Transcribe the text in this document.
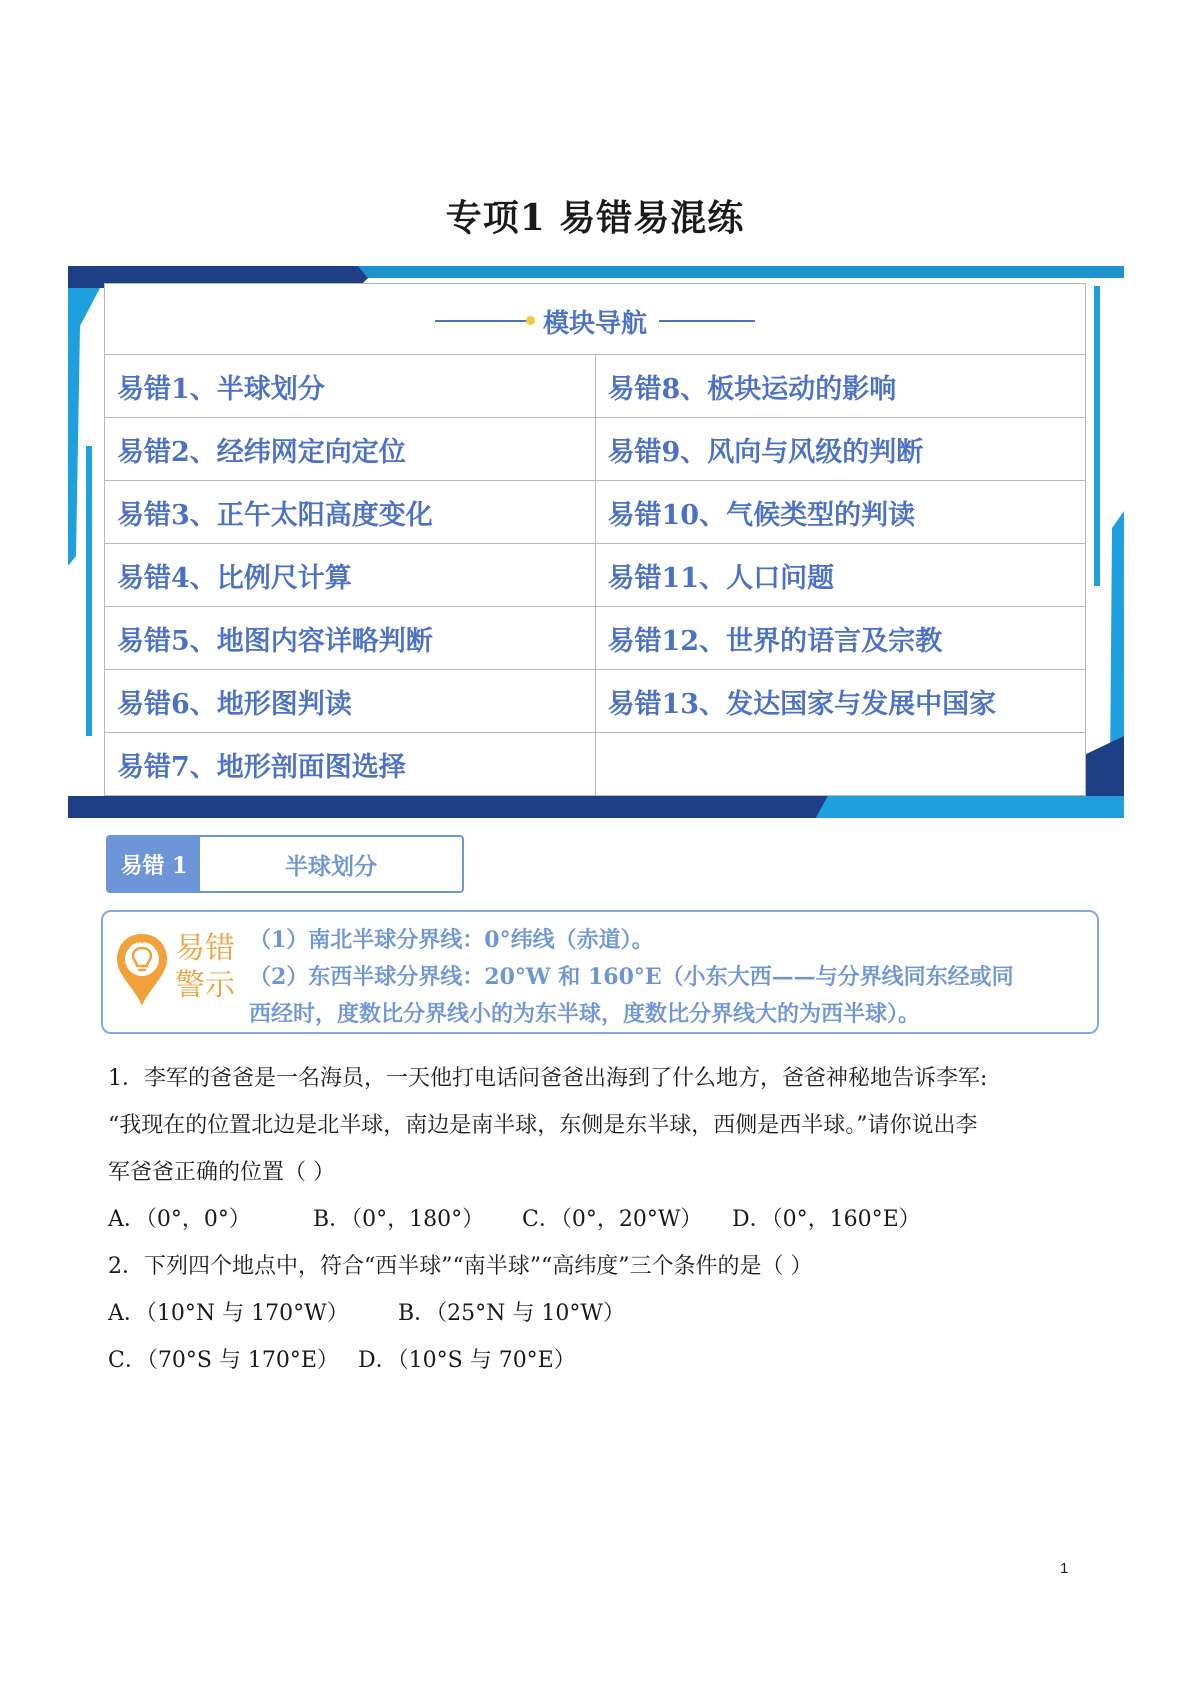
专项1 易错易混练
模块导航	

易错1、半球划分	易错8、板块运动的影响
易错2、经纬网定向定位	易错9、风向与风级的判断
易错3、正午太阳高度变化	易错10、气候类型的判读
易错4、比例尺计算	易错11、人口问题
易错5、地图内容详略判断	易错12、世界的语言及宗教
易错6、地形图判读	易错13、发达国家与发展中国家
易错7、地形剖面图选择	
易错 1	半球划分
易错
警示

（1）南北半球分界线：0°纬线（赤道）。

（2）东西半球分界线：20°W 和 160°E（小东大西——与分界线同东经或同

西经时，度数比分界线小的为东半球，度数比分界线大的为西半球）。

1．李军的爸爸是一名海员，一天他打电话问爸爸出海到了什么地方，爸爸神秘地告诉李军:

“我现在的位置北边是北半球，南边是南半球，东侧是东半球，西侧是西半球。”请你说出李

军爸爸正确的位置（ ）

A．（0°，0°）	B．（0°，180°） C．（0°，20°W） D．（0°，160°E）

2．下列四个地点中，符合“西半球”“南半球”“高纬度”三个条件的是（ ）

A．（10°N 与 170°W） B．（25°N 与 10°W）

C．（70°S 与 170°E） D．（10°S 与 70°E）

1
